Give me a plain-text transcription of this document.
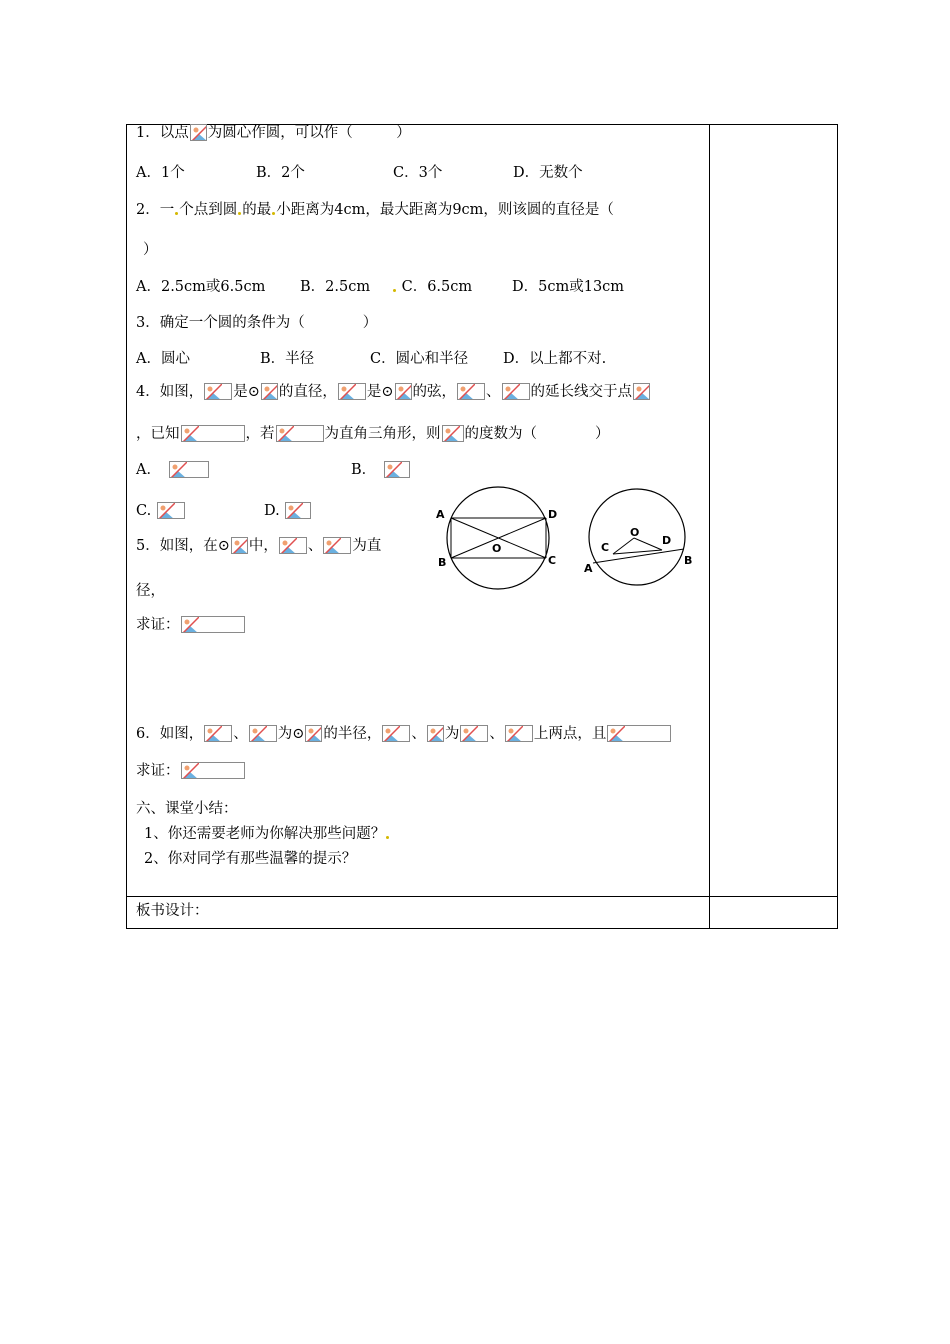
1．以点 为圆心作圆，可以作（　　　）
A．1个	B．2个	C．3个	D．无数个
2．一 个点到圆 的最 小距离为4cm，最大距离为9cm，则该圆的直径是（
）
A．2.5cm或6.5cm B．2.5cm	C．6.5cm	D．5cm或13cm
3．确定一个圆的条件为（　　　　）
A．圆心	B．半径	C．圆心和半径 D．以上都不对.
4．如图， 是⊙ 的直径， 是⊙ 的弦， 、 的延长线交于点
，已知	，若	为直角三角形，则 的度数为（　　　　）
A．　	B．　
C.	D.	A	D
O
B	C
O
C
D
A
B
5．如图，在⊙ 中， 、 为直
径，
求证：
6．如图， 、 为⊙ 的半径， 、 为 、 上两点，且
求证：
六、课堂小结：
1、你还需要老师为你解决那些问题？
2、你对同学有那些温馨的提示？
板书设计：
